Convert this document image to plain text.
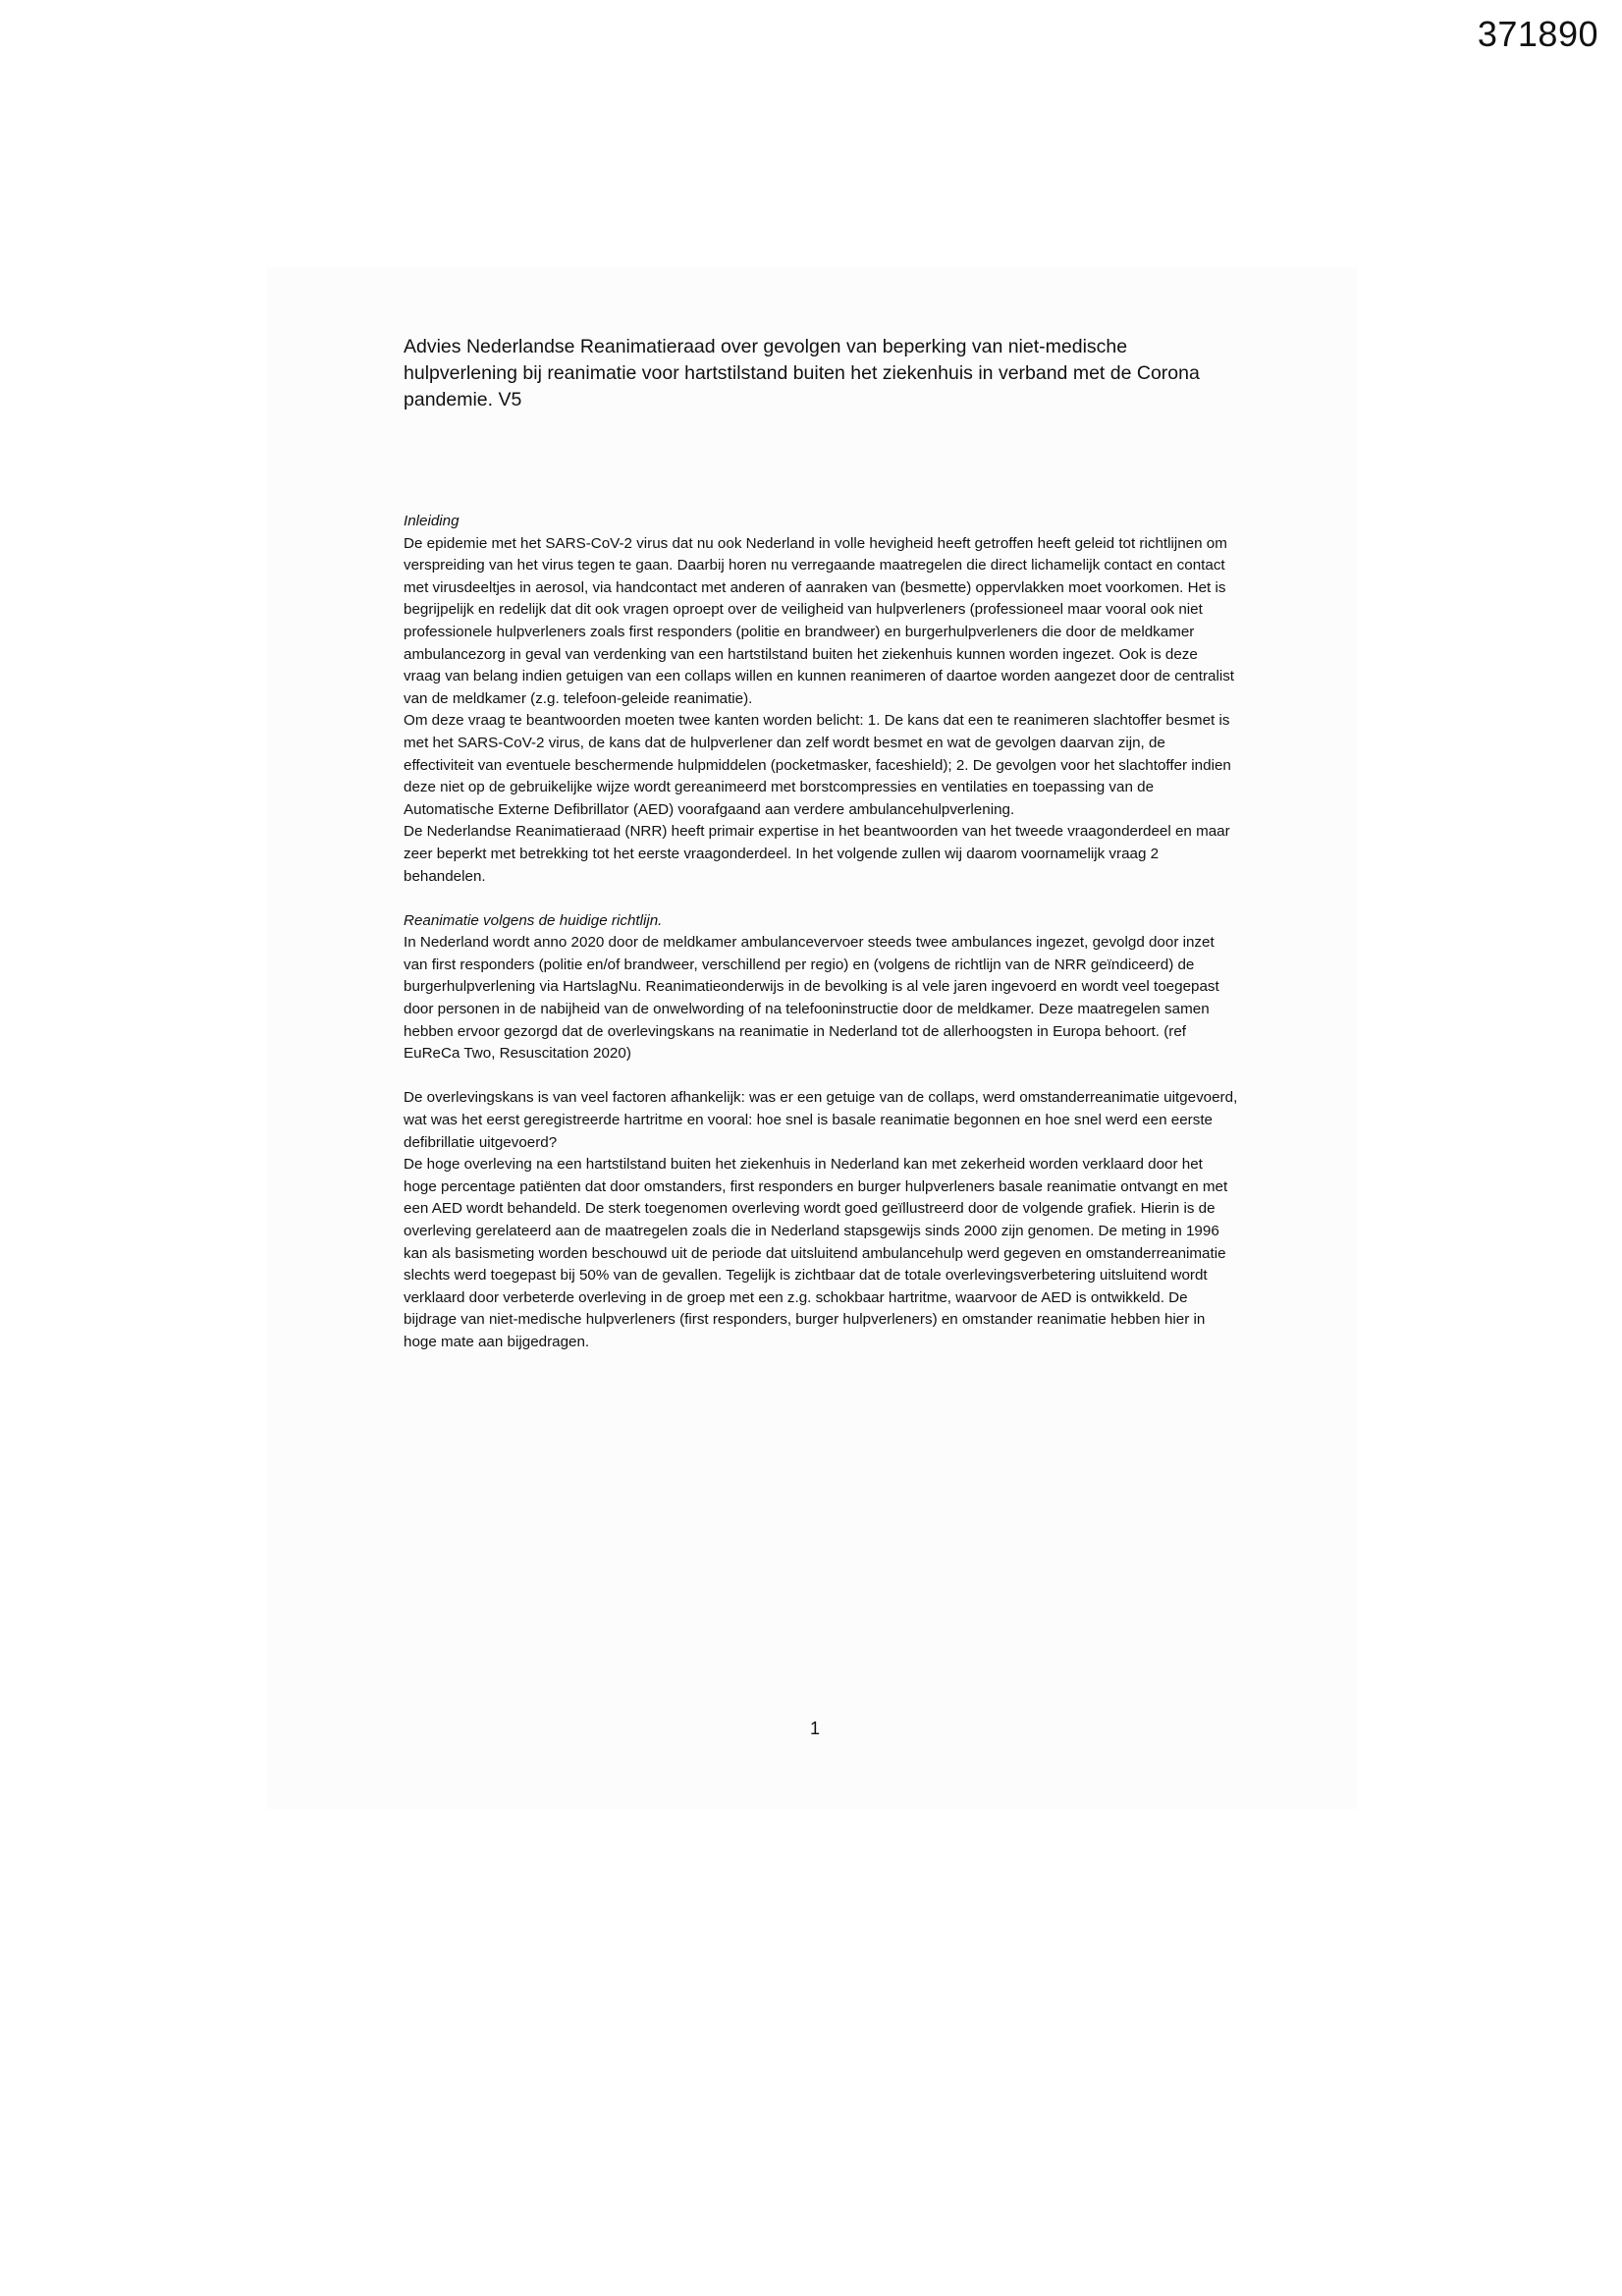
371890
Advies Nederlandse Reanimatieraad over gevolgen van beperking van niet-medische hulpverlening bij reanimatie voor hartstilstand buiten het ziekenhuis in verband met de Corona pandemie. V5

Inleiding

De epidemie met het SARS-CoV-2 virus dat nu ook Nederland in volle hevigheid heeft getroffen heeft geleid tot richtlijnen om verspreiding van het virus tegen te gaan. Daarbij horen nu verregaande maatregelen die direct lichamelijk contact en contact met virusdeeltjes in aerosol, via handcontact met anderen of aanraken van (besmette) oppervlakken moet voorkomen. Het is begrijpelijk en redelijk dat dit ook vragen oproept over de veiligheid van hulpverleners (professioneel maar vooral ook niet professionele hulpverleners zoals first responders (politie en brandweer) en burgerhulpverleners die door de meldkamer ambulancezorg in geval van verdenking van een hartstilstand buiten het ziekenhuis kunnen worden ingezet. Ook is deze vraag van belang indien getuigen van een collaps willen en kunnen reanimeren of daartoe worden aangezet door de centralist van de meldkamer (z.g. telefoon-geleide reanimatie).

Om deze vraag te beantwoorden moeten twee kanten worden belicht: 1. De kans dat een te reanimeren slachtoffer besmet is met het SARS-CoV-2 virus, de kans dat de hulpverlener dan zelf wordt besmet en wat de gevolgen daarvan zijn, de effectiviteit van eventuele beschermende hulpmiddelen (pocketmasker, faceshield); 2. De gevolgen voor het slachtoffer indien deze niet op de gebruikelijke wijze wordt gereanimeerd met borstcompressies en ventilaties en toepassing van de Automatische Externe Defibrillator (AED) voorafgaand aan verdere ambulancehulpverlening.

De Nederlandse Reanimatieraad (NRR) heeft primair expertise in het beantwoorden van het tweede vraagonderdeel en maar zeer beperkt met betrekking tot het eerste vraagonderdeel. In het volgende zullen wij daarom voornamelijk vraag 2 behandelen.

Reanimatie volgens de huidige richtlijn.

In Nederland wordt anno 2020 door de meldkamer ambulancevervoer steeds twee ambulances ingezet, gevolgd door inzet van first responders (politie en/of brandweer, verschillend per regio) en (volgens de richtlijn van de NRR geïndiceerd) de burgerhulpverlening via HartslagNu. Reanimatieonderwijs in de bevolking is al vele jaren ingevoerd en wordt veel toegepast door personen in de nabijheid van de onwelwording of na telefooninstructie door de meldkamer. Deze maatregelen samen hebben ervoor gezorgd dat de overlevingskans na reanimatie in Nederland tot de allerhoogsten in Europa behoort. (ref EuReCa Two, Resuscitation 2020)

De overlevingskans is van veel factoren afhankelijk: was er een getuige van de collaps, werd omstanderreanimatie uitgevoerd, wat was het eerst geregistreerde hartritme en vooral: hoe snel is basale reanimatie begonnen en hoe snel werd een eerste defibrillatie uitgevoerd?

De hoge overleving na een hartstilstand buiten het ziekenhuis in Nederland kan met zekerheid worden verklaard door het hoge percentage patiënten dat door omstanders, first responders en burger hulpverleners basale reanimatie ontvangt en met een AED wordt behandeld. De sterk toegenomen overleving wordt goed geïllustreerd door de volgende grafiek. Hierin is de overleving gerelateerd aan de maatregelen zoals die in Nederland stapsgewijs sinds 2000 zijn genomen. De meting in 1996 kan als basismeting worden beschouwd uit de periode dat uitsluitend ambulancehulp werd gegeven en omstanderreanimatie slechts werd toegepast bij 50% van de gevallen. Tegelijk is zichtbaar dat de totale overlevingsverbetering uitsluitend wordt verklaard door verbeterde overleving in de groep met een z.g. schokbaar hartritme, waarvoor de AED is ontwikkeld. De bijdrage van niet-medische hulpverleners (first responders, burger hulpverleners) en omstander reanimatie hebben hier in hoge mate aan bijgedragen.

1
